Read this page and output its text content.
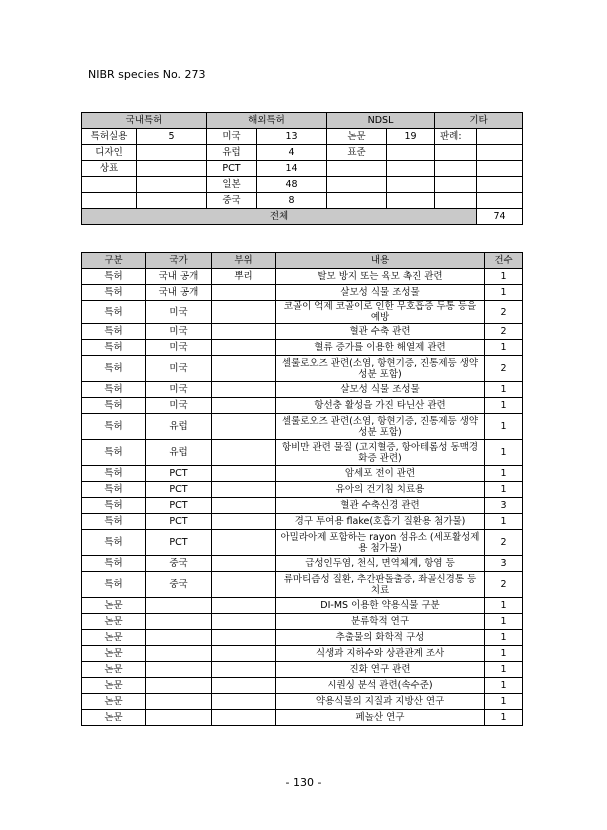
NIBR species No. 273
국내특허		해외특허		NDSL		기타	
특허실용	5	미국	13	논문	19	판례:	
디자인		유럽	4	표준			
상표		PCT	14				
		일본	48				
		중국	8				
전체							74
구분	국가	부위	내용	건수
특허	국내 공개	뿌리	탈모 방지 또는 육모 촉진 관련	1
특허	국내 공개		살모성 식물 조성물	1
특허	미국		코골이 억제 코골이로 인한 무호흡증 두통 등을 예방	2
특허	미국		혈관 수축 관련	2
특허	미국		혈류 증가를 이용한 해열제 관련	1
특허	미국		셀룰로오즈 관련(소염, 항현기증, 진통제등 생약 성분 포함)	2
특허	미국		살모성 식물 조성물	1
특허	미국		항선충 활성을 가진 타닌산 관련	1
특허	유럽		셀룰로오즈 관련(소염, 항현기증, 진통제등 생약 성분 포함)	1
특허	유럽		항비만 관련 물질 (고지혈증, 항아테롬성 동맥경화증 관련)	1
특허	PCT		암세포 전이 관련	1
특허	PCT		유아의 건기침 치료용	1
특허	PCT		혈관 수축신경 관련	3
특허	PCT		경구 투여용 flake(호흡기 질환용 첨가물)	1
특허	PCT		아밀라아제 포함하는 rayon 섬유소 (세포활성제용 첨가물)	2
특허	중국		급성인두염, 천식, 면역체계, 항염 등	3
특허	중국		류마티즘성 질환, 추간판돌출증, 좌골신경통 등 치료	2
논문			DI-MS 이용한 약용식물 구분	1
논문			분류학적 연구	1
논문			추출물의 화학적 구성	1
논문			식생과 지하수와 상관관계 조사	1
논문			진화 연구 관련	1
논문			시퀀싱 분석 관련(속수준)	1
논문			약용식물의 지질과 지방산 연구	1
논문			페놀산 연구	1
- 130 -
